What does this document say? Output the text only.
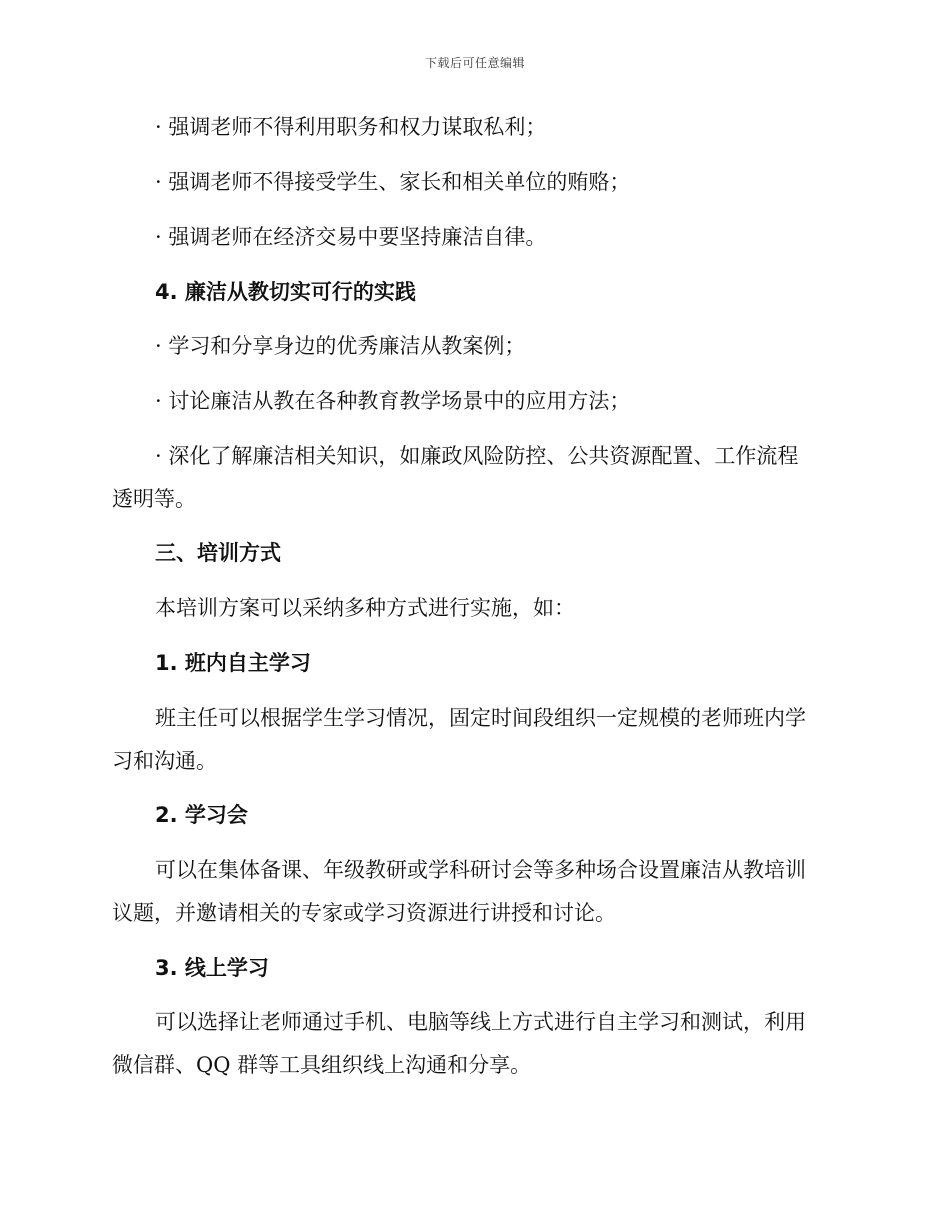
下载后可任意编辑
· 强调老师不得利用职务和权力谋取私利；
· 强调老师不得接受学生、家长和相关单位的贿赂；
· 强调老师在经济交易中要坚持廉洁自律。
4. 廉洁从教切实可行的实践
· 学习和分享身边的优秀廉洁从教案例；
· 讨论廉洁从教在各种教育教学场景中的应用方法；
· 深化了解廉洁相关知识，如廉政风险防控、公共资源配置、工作流程
透明等。
三、培训方式
本培训方案可以采纳多种方式进行实施，如：
1. 班内自主学习
班主任可以根据学生学习情况，固定时间段组织一定规模的老师班内学
习和沟通。
2. 学习会
可以在集体备课、年级教研或学科研讨会等多种场合设置廉洁从教培训
议题，并邀请相关的专家或学习资源进行讲授和讨论。
3. 线上学习
可以选择让老师通过手机、电脑等线上方式进行自主学习和测试，利用
微信群、QQ 群等工具组织线上沟通和分享。
